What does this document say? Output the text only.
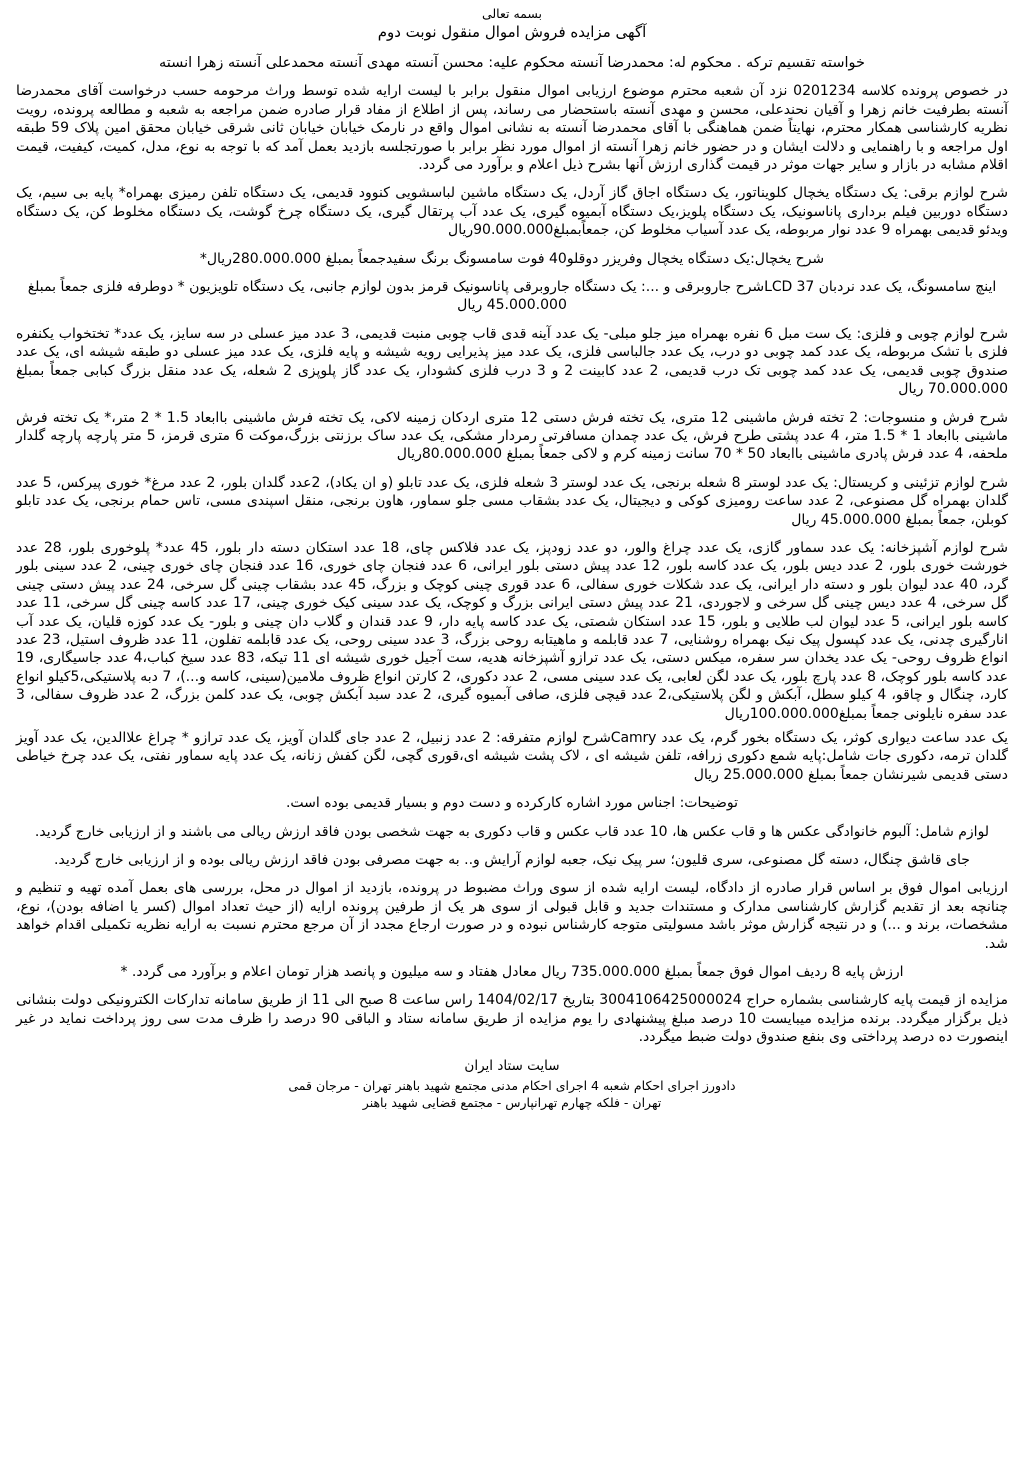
بسمه تعالی

آگهی مزایده فروش اموال منقول نوبت دوم

خواسته تقسیم ترکه . محکوم له: محمدرضا آنسته محکوم علیه: محسن آنسته مهدی آنسته محمدعلی آنسته زهرا انسته

در خصوص پرونده کلاسه 0201234 نزد آن شعبه محترم موضوع ارزیابی اموال منقول برابر با لیست ارایه شده توسط وراث مرحومه حسب درخواست آقای محمدرضا آنسته بطرفیت خانم زهرا و آقیان نحندعلی، محسن و مهدی آنسته باستحضار می رساند، پس از اطلاع از مفاد قرار صادره ضمن مراجعه به شعبه و مطالعه پرونده، رویت نظریه کارشناسی همکار محترم، نهایتاً ضمن هماهنگی با آقای محمدرضا آنسته به نشانی اموال واقع در نارمک خیابان خیابان ثانی شرقی خیابان محقق امین پلاک 59 طبقه اول مراجعه و با راهنمایی و دلالت ایشان و در حضور خانم زهرا آنسته از اموال مورد نظر برابر با صورتجلسه بازدید بعمل آمد که با توجه به نوع، مدل، کمیت، کیفیت، قیمت اقلام مشابه در بازار و سایر جهات موثر در قیمت گذاری ارزش آنها بشرح ذیل اعلام و برآورد می گردد.

شرح لوازم برقی: یک دستگاه یخچال کلویناتور، یک دستگاه اجاق گاز آردل، یک دستگاه ماشین لباسشویی کنوود قدیمی، یک دستگاه تلفن رمیزی بهمراه* پایه بی سیم، یک دستگاه دوربین فیلم برداری پاناسونیک، یک دستگاه پلویز،یک دستگاه آبمیوه گیری، یک عدد آب پرتقال گیری، یک دستگاه چرخ گوشت، یک دستگاه مخلوط کن، یک دستگاه ویدئو قدیمی بهمراه 9 عدد نوار مربوطه، یک عدد آسیاب مخلوط کن، جمعاًبمبلغ90.000.000ریال

شرح یخچال:یک دستگاه یخچال وفریزر دوقلو40 فوت سامسونگ برنگ سفیدجمعاً بمبلغ 280.000.000ریال*

اینچ سامسونگ، یک عدد نردبان LCD 37شرح جاروبرقی و ...: یک دستگاه جاروبرقی پاناسونیک قرمز بدون لوازم جانبی، یک دستگاه تلویزیون * دوطرفه فلزی جمعاً بمبلغ 45.000.000 ریال

شرح لوازم چوبی و فلزی: یک ست مبل 6 نفره بهمراه میز جلو مبلی- یک عدد آینه قدی قاب چوبی منبت قدیمی، 3 عدد میز عسلی در سه سایز، یک عدد* تختخواب یکنفره فلزی با تشک مربوطه، یک عدد کمد چوبی دو درب، یک عدد جالباسی فلزی، یک عدد میز پذیرایی رویه شیشه و پایه فلزی، یک عدد میز عسلی دو طبقه شیشه ای، یک عدد صندوق چوبی قدیمی، یک عدد کمد چوبی تک درب قدیمی، 2 عدد کابینت 2 و 3 درب فلزی کشودار، یک عدد گاز پلوپزی 2 شعله، یک عدد منقل بزرگ کبابی جمعاً بمبلغ 70.000.000 ریال

شرح فرش و منسوجات: 2 تخته فرش ماشینی 12 متری، یک تخته فرش دستی 12 متری اردکان زمینه لاکی، یک تخته فرش ماشینی باابعاد 1.5 * 2 متر،* یک تخته فرش ماشینی باابعاد 1 * 1.5 متر، 4 عدد پشتی طرح فرش، یک عدد چمدان مسافرتی رمردار مشکی، یک عدد ساک برزنتی بزرگ،موکت 6 متری قرمز، 5 متر پارچه پارچه گلدار ملحفه، 4 عدد فرش پادری ماشینی باابعاد 50 * 70 سانت زمینه کرم و لاکی جمعاً بمبلغ 80.000.000ریال

شرح لوازم تزئینی و کریستال: یک عدد لوستر 8 شعله برنجی، یک عدد لوستر 3 شعله فلزی، یک عدد تابلو (و ان یکاد)، 2عدد گلدان بلور، 2 عدد مرغ* خوری پیرکس، 5 عدد گلدان بهمراه گل مصنوعی، 2 عدد ساعت رومیزی کوکی و دیجیتال، یک عدد بشقاب مسی جلو سماور، هاون برنجی، منقل اسپندی مسی، تاس حمام برنجی، یک عدد تابلو کوبلن، جمعاً بمبلغ 45.000.000 ریال

شرح لوازم آشپزخانه: یک عدد سماور گازی، یک عدد چراغ والور، دو عدد زودپز، یک عدد فلاکس چای، 18 عدد استکان دسته دار بلور، 45 عدد* پلوخوری بلور، 28 عدد خورشت خوری بلور، 2 عدد دیس بلور، یک عدد کاسه بلور، 12 عدد پیش دستی بلور ایرانی، 6 عدد فنجان چای خوری، 16 عدد فنجان چای خوری چینی، 2 عدد سینی بلور گرد، 40 عدد لیوان بلور و دسته دار ایرانی، یک عدد شکلات خوری سفالی، 6 عدد قوری چینی کوچک و بزرگ، 45 عدد بشقاب چینی گل سرخی، 24 عدد پیش دستی چینی گل سرخی، 4 عدد دیس چینی گل سرخی و لاجوردی، 21 عدد پیش دستی ایرانی بزرگ و کوچک، یک عدد سینی کیک خوری چینی، 17 عدد کاسه چینی گل سرخی، 11 عدد کاسه بلور ایرانی، 5 عدد لیوان لب طلایی و بلور، 15 عدد استکان شصتی، یک عدد کاسه پایه دار، 9 عدد قندان و گلاب دان چینی و بلور- یک عدد کوزه قلیان، یک عدد آب انارگیری چدنی، یک عدد کپسول پیک نیک بهمراه روشنایی، 7 عدد قابلمه و ماهیتابه روحی بزرگ، 3 عدد سینی روحی، یک عدد قابلمه تفلون، 11 عدد ظروف استیل، 23 عدد انواع ظروف روحی- یک عدد یخدان سر سفره، میکس دستی، یک عدد ترازو آشپزخانه هدیه، ست آجیل خوری شیشه ای 11 تیکه، 83 عدد سیخ کباب،4 عدد جاسیگاری، 19 عدد کاسه بلور کوچک، 8 عدد پارچ بلور، یک عدد لگن لعابی، یک عدد سینی مسی، 2 عدد دکوری، 2 کارتن انواع ظروف ملامین(سینی، کاسه و...)، 7 دبه پلاستیکی،5کیلو انواع کارد، چنگال و چاقو، 4 کیلو سطل، آبکش و لگن پلاستیکی،2 عدد قیچی فلزی، صافی آبمیوه گیری، 2 عدد سبد آبکش چوبی، یک عدد کلمن بزرگ، 2 عدد ظروف سفالی، 3 عدد سفره نایلونی جمعاً بمبلغ100.000.000ریال

یک عدد ساعت دیواری کوثر، یک دستگاه بخور گرم، یک عدد Camryشرح لوازم متفرقه: 2 عدد زنبیل، 2 عدد جای گلدان آویز، یک عدد ترازو * چراغ علاالدین، یک عدد آویز گلدان ترمه، دکوری جات شامل:پایه شمع دکوری زرافه، تلفن شیشه ای ، لاک پشت شیشه ای،قوری گچی، لگن کفش زنانه، یک عدد پایه سماور نفتی، یک عدد چرخ خیاطی دستی قدیمی شیرنشان جمعاً بمبلغ 25.000.000 ریال

توضیحات: اجناس مورد اشاره کارکرده و دست دوم و بسیار قدیمی بوده است.

لوازم شامل: آلبوم خانوادگی عکس ها و قاب عکس ها، 10 عدد قاب عکس و قاب دکوری به جهت شخصی بودن فاقد ارزش ریالی می باشند و از ارزیابی خارج گردید.

جای قاشق چنگال، دسته گل مصنوعی، سری قلیون؛ سر پیک نیک، جعبه لوازم آرایش و.. به جهت مصرفی بودن فاقد ارزش ریالی بوده و از ارزیابی خارج گردید.

ارزیابی اموال فوق بر اساس قرار صادره از دادگاه، لیست ارایه شده از سوی وراث مضبوط در پرونده، بازدید از اموال در محل، بررسی های بعمل آمده تهیه و تنظیم و چنانچه بعد از تقدیم گزارش کارشناسی مدارک و مستندات جدید و قابل قبولی از سوی هر یک از طرفین پرونده ارایه (از حیث تعداد اموال (کسر یا اضافه بودن)، نوع، مشخصات، برند و ...) و در نتیجه گزارش موثر باشد مسولیتی متوجه کارشناس نبوده و در صورت ارجاع مجدد از آن مرجع محترم نسبت به ارایه نظریه تکمیلی اقدام خواهد شد.

ارزش پایه 8 ردیف اموال فوق جمعاً بمبلغ 735.000.000 ریال معادل هفتاد و سه میلیون و پانصد هزار تومان اعلام و برآورد می گردد. *

مزایده از قیمت پایه کارشناسی بشماره حراج 3004106425000024 بتاریخ 1404/02/17 راس ساعت 8 صبح الی 11 از طریق سامانه تدارکات الکترونیکی دولت بنشانی ذیل برگزار میگردد. برنده مزایده میبایست 10 درصد مبلغ پیشنهادی را یوم مزایده از طریق سامانه ستاد و الباقی 90 درصد را ظرف مدت سی روز پرداخت نماید در غیر اینصورت ده درصد پرداختی وی بنفع صندوق دولت ضبط میگردد.

سایت ستاد ایران

دادورز اجرای احکام شعبه 4 اجرای احکام مدنی مجتمع شهید باهنر تهران - مرجان قمی

تهران - فلکه چهارم تهرانپارس - مجتمع قضایی شهید باهنر
